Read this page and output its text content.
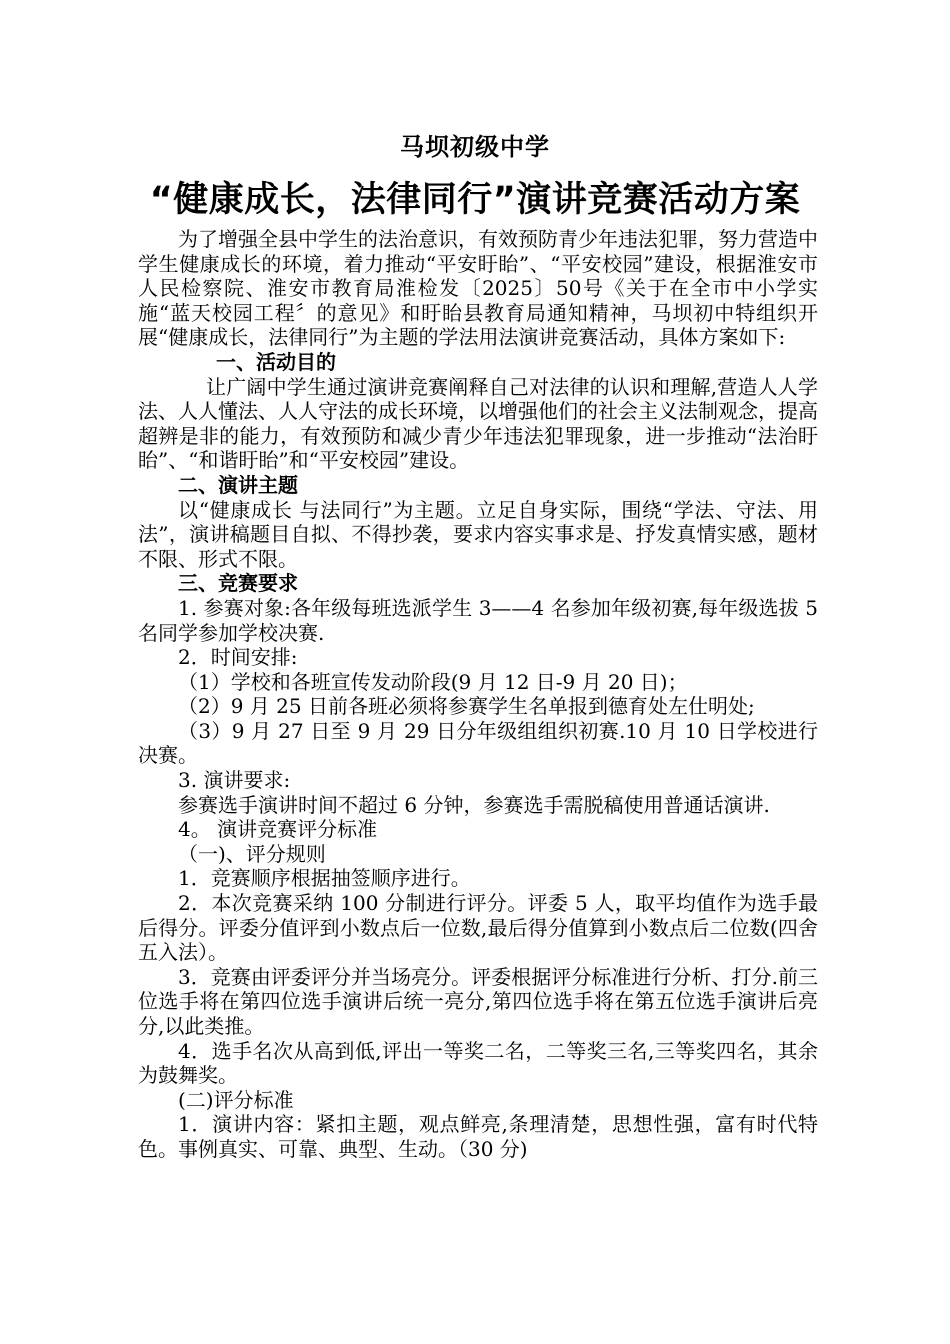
马坝初级中学
“健康成长，法律同行”演讲竞赛活动方案

为了增强全县中学生的法治意识，有效预防青少年违法犯罪，努力营造中学生健康成长的环境，着力推动“平安盱眙”、“平安校园”建设，根据淮安市人民检察院、淮安市教育局淮检发〔2025〕50号《关于在全市中小学实施“蓝天校园工程〞的意见》和盱眙县教育局通知精神，马坝初中特组织开展“健康成长，法律同行”为主题的学法用法演讲竞赛活动，具体方案如下:

一、活动目的

让广阔中学生通过演讲竞赛阐释自己对法律的认识和理解,营造人人学法、人人懂法、人人守法的成长环境，以增强他们的社会主义法制观念，提高超辨是非的能力，有效预防和减少青少年违法犯罪现象，进一步推动“法治盱眙”、“和谐盱眙”和“平安校园”建设。

二、演讲主题

以“健康成长 与法同行”为主题。立足自身实际，围绕“学法、守法、用法”，演讲稿题目自拟、不得抄袭，要求内容实事求是、抒发真情实感，题材不限、形式不限。

三、竞赛要求

1. 参赛对象:各年级每班选派学生 3——4 名参加年级初赛,每年级选拔 5 名同学参加学校决赛.

2．时间安排:

（1）学校和各班宣传发动阶段(9 月 12 日-9 月 20 日)；

（2）9 月 25 日前各班必须将参赛学生名单报到德育处左仕明处;

（3）9 月 27 日至 9 月 29 日分年级组组织初赛.10 月 10 日学校进行决赛。

3. 演讲要求:

参赛选手演讲时间不超过 6 分钟，参赛选手需脱稿使用普通话演讲.

4。 演讲竞赛评分标准

（一)、评分规则

1．竞赛顺序根据抽签顺序进行。

2．本次竞赛采纳 100 分制进行评分。评委 5 人，取平均值作为选手最后得分。评委分值评到小数点后一位数,最后得分值算到小数点后二位数(四舍五入法）。

3．竞赛由评委评分并当场亮分。评委根据评分标准进行分析、打分.前三位选手将在第四位选手演讲后统一亮分,第四位选手将在第五位选手演讲后亮分,以此类推。

4．选手名次从高到低,评出一等奖二名，二等奖三名,三等奖四名，其余为鼓舞奖。

(二)评分标准

1．演讲内容：紧扣主题，观点鲜亮,条理清楚，思想性强，富有时代特色。事例真实、可靠、典型、生动。（30 分)
